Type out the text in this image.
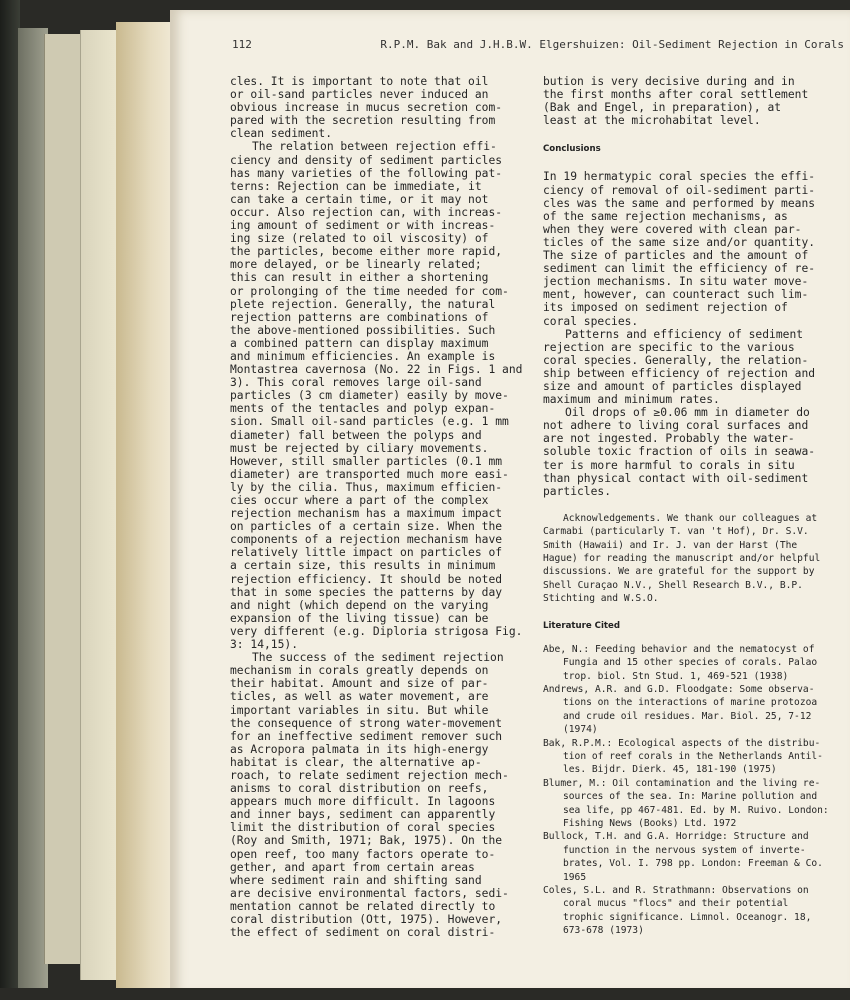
112	R.P.M. Bak and J.H.B.W. Elgershuizen: Oil-Sediment Rejection in Corals

cles. It is important to note that oil

or oil-sand particles never induced an

obvious increase in mucus secretion com-

pared with the secretion resulting from

clean sediment.

The relation between rejection effi-

ciency and density of sediment particles

has many varieties of the following pat-

terns: Rejection can be immediate, it

can take a certain time, or it may not

occur. Also rejection can, with increas-

ing amount of sediment or with increas-

ing size (related to oil viscosity) of

the particles, become either more rapid,

more delayed, or be linearly related;

this can result in either a shortening

or prolonging of the time needed for com-

plete rejection. Generally, the natural

rejection patterns are combinations of

the above-mentioned possibilities. Such

a combined pattern can display maximum

and minimum efficiencies. An example is

Montastrea cavernosa (No. 22 in Figs. 1 and

3). This coral removes large oil-sand

particles (3 cm diameter) easily by move-

ments of the tentacles and polyp expan-

sion. Small oil-sand particles (e.g. 1 mm

diameter) fall between the polyps and

must be rejected by ciliary movements.

However, still smaller particles (0.1 mm

diameter) are transported much more easi-

ly by the cilia. Thus, maximum efficien-

cies occur where a part of the complex

rejection mechanism has a maximum impact

on particles of a certain size. When the

components of a rejection mechanism have

relatively little impact on particles of

a certain size, this results in minimum

rejection efficiency. It should be noted

that in some species the patterns by day

and night (which depend on the varying

expansion of the living tissue) can be

very different (e.g. Diploria strigosa Fig.

3: 14,15).

The success of the sediment rejection

mechanism in corals greatly depends on

their habitat. Amount and size of par-

ticles, as well as water movement, are

important variables in situ. But while

the consequence of strong water-movement

for an ineffective sediment remover such

as Acropora palmata in its high-energy

habitat is clear, the alternative ap-

roach, to relate sediment rejection mech-

anisms to coral distribution on reefs,

appears much more difficult. In lagoons

and inner bays, sediment can apparently

limit the distribution of coral species

(Roy and Smith, 1971; Bak, 1975). On the

open reef, too many factors operate to-

gether, and apart from certain areas

where sediment rain and shifting sand

are decisive environmental factors, sedi-

mentation cannot be related directly to

coral distribution (Ott, 1975). However,

the effect of sediment on coral distri-

bution is very decisive during and in

the first months after coral settlement

(Bak and Engel, in preparation), at

least at the microhabitat level.

Conclusions

In 19 hermatypic coral species the effi-

ciency of removal of oil-sediment parti-

cles was the same and performed by means

of the same rejection mechanisms, as

when they were covered with clean par-

ticles of the same size and/or quantity.

The size of particles and the amount of

sediment can limit the efficiency of re-

jection mechanisms. In situ water move-

ment, however, can counteract such lim-

its imposed on sediment rejection of

coral species.

Patterns and efficiency of sediment

rejection are specific to the various

coral species. Generally, the relation-

ship between efficiency of rejection and

size and amount of particles displayed

maximum and minimum rates.

Oil drops of ≥0.06 mm in diameter do

not adhere to living coral surfaces and

are not ingested. Probably the water-

soluble toxic fraction of oils in seawa-

ter is more harmful to corals in situ

than physical contact with oil-sediment

particles.

Acknowledgements. We thank our colleagues at

Carmabi (particularly T. van 't Hof), Dr. S.V.

Smith (Hawaii) and Ir. J. van der Harst (The

Hague) for reading the manuscript and/or helpful

discussions. We are grateful for the support by

Shell Curaçao N.V., Shell Research B.V., B.P.

Stichting and W.S.O.

Literature Cited

Abe, N.: Feeding behavior and the nematocyst of

Fungia and 15 other species of corals. Palao

trop. biol. Stn Stud. 1, 469-521 (1938)

Andrews, A.R. and G.D. Floodgate: Some observa-

tions on the interactions of marine protozoa

and crude oil residues. Mar. Biol. 25, 7-12

(1974)

Bak, R.P.M.: Ecological aspects of the distribu-

tion of reef corals in the Netherlands Antil-

les. Bijdr. Dierk. 45, 181-190 (1975)

Blumer, M.: Oil contamination and the living re-

sources of the sea. In: Marine pollution and

sea life, pp 467-481. Ed. by M. Ruivo. London:

Fishing News (Books) Ltd. 1972

Bullock, T.H. and G.A. Horridge: Structure and

function in the nervous system of inverte-

brates, Vol. I. 798 pp. London: Freeman & Co.

1965

Coles, S.L. and R. Strathmann: Observations on

coral mucus "flocs" and their potential

trophic significance. Limnol. Oceanogr. 18,

673-678 (1973)
